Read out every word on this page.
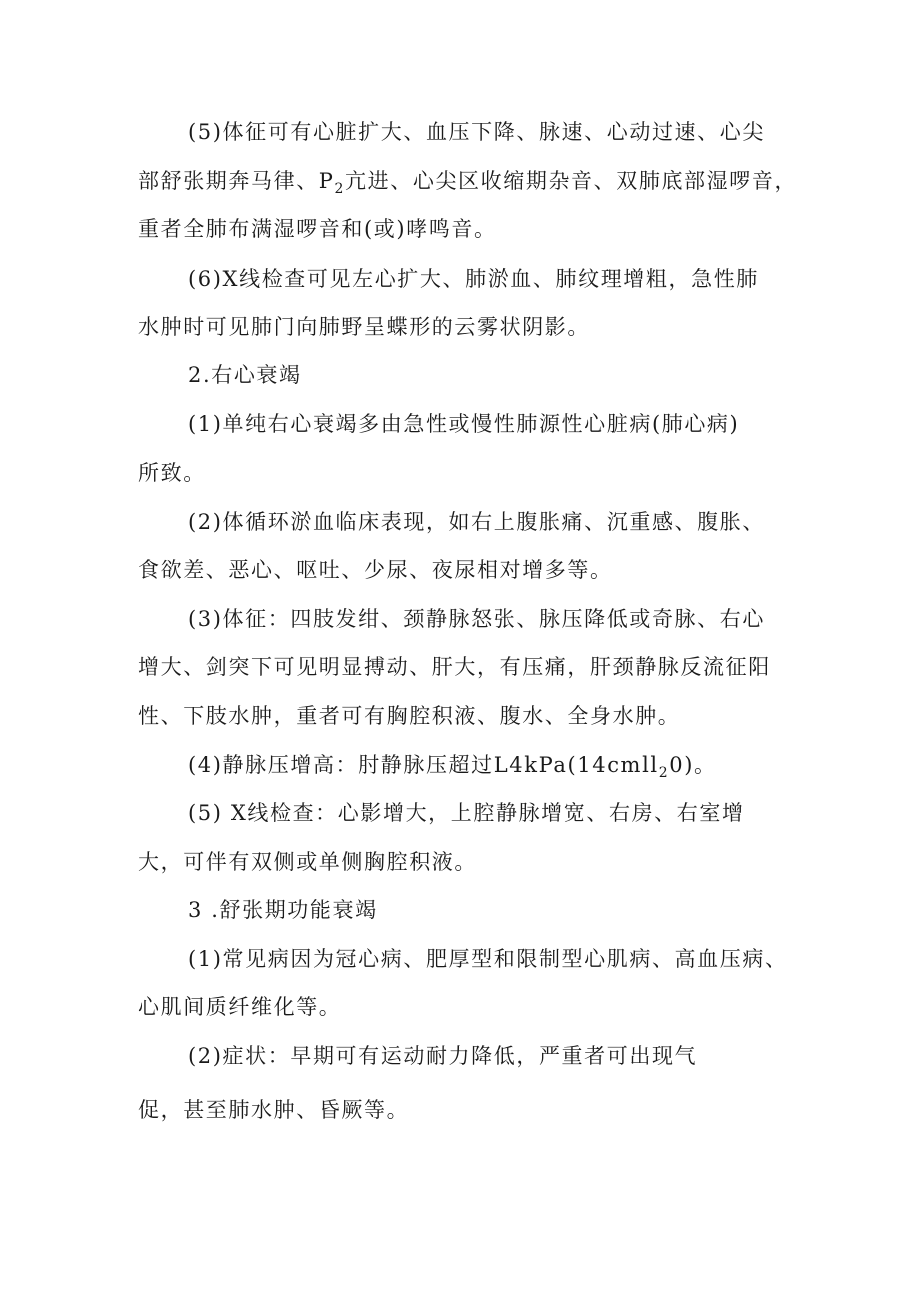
(5)体征可有心脏扩大、血压下降、脉速、心动过速、心尖
部舒张期奔马律、$P_2$亢进、心尖区收缩期杂音、双肺底部湿啰音，
重者全肺布满湿啰音和(或)哮鸣音。
(6)X线检查可见左心扩大、肺淤血、肺纹理增粗，急性肺
水肿时可见肺门向肺野呈蝶形的云雾状阴影。
2.右心衰竭
(1)单纯右心衰竭多由急性或慢性肺源性心脏病(肺心病)
所致。
(2)体循环淤血临床表现，如右上腹胀痛、沉重感、腹胀、
食欲差、恶心、呕吐、少尿、夜尿相对增多等。
(3)体征：四肢发绀、颈静脉怒张、脉压降低或奇脉、右心
增大、剑突下可见明显搏动、肝大，有压痛，肝颈静脉反流征阳
性、下肢水肿，重者可有胸腔积液、腹水、全身水肿。
(4)静脉压增高：肘静脉压超过L4kPa(14cmll$_2$0)。
(5) X线检查：心影增大，上腔静脉增宽、右房、右室增
大，可伴有双侧或单侧胸腔积液。
3 .舒张期功能衰竭
(1)常见病因为冠心病、肥厚型和限制型心肌病、高血压病、
心肌间质纤维化等。
(2)症状：早期可有运动耐力降低，严重者可出现气
促，甚至肺水肿、昏厥等。
